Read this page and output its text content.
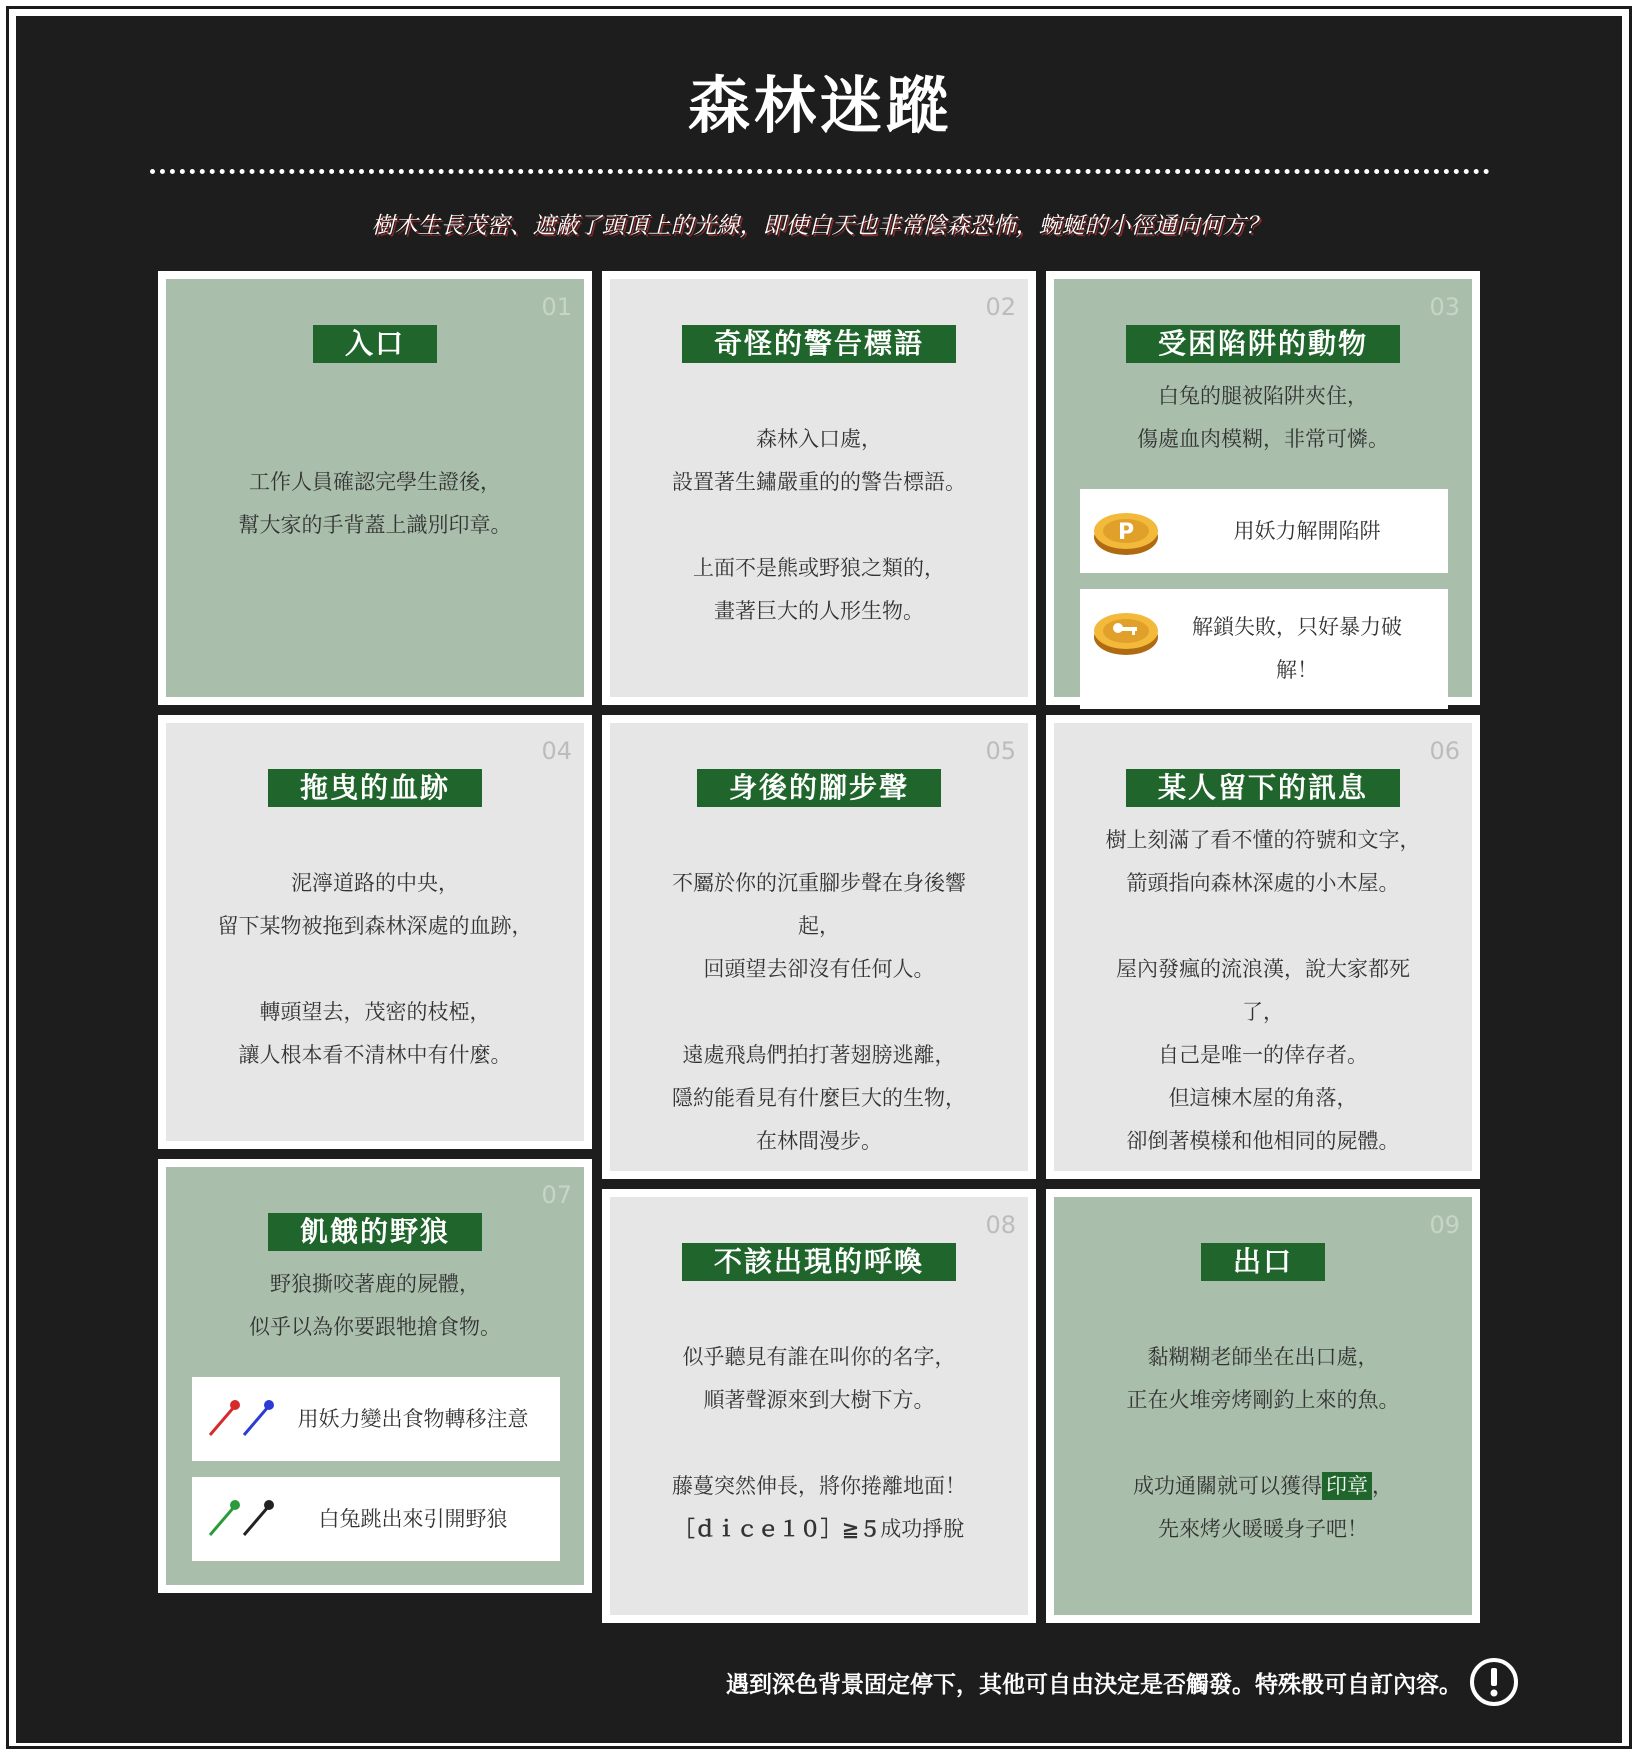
森林迷蹤
樹木生長茂密、遮蔽了頭頂上的光線，即使白天也非常陰森恐怖，蜿蜒的小徑通向何方？
01
入口
工作人員確認完學生證後，
幫大家的手背蓋上識別印章。
02
奇怪的警告標語
森林入口處，
設置著生鏽嚴重的的警告標語。
上面不是熊或野狼之類的，
畫著巨大的人形生物。
03
受困陷阱的動物
白兔的腿被陷阱夾住，
傷處血肉模糊，非常可憐。
P	用妖力解開陷阱
解鎖失敗，只好暴力破
解！
04
拖曳的血跡
泥濘道路的中央，
留下某物被拖到森林深處的血跡，
轉頭望去，茂密的枝椏，
讓人根本看不清林中有什麼。
05
身後的腳步聲
不屬於你的沉重腳步聲在身後響
起，
回頭望去卻沒有任何人。
遠處飛鳥們拍打著翅膀逃離，
隱約能看見有什麼巨大的生物，
在林間漫步。
06
某人留下的訊息
樹上刻滿了看不懂的符號和文字，
箭頭指向森林深處的小木屋。
屋內發瘋的流浪漢，說大家都死
了，
自己是唯一的倖存者。
但這棟木屋的角落，
卻倒著模樣和他相同的屍體。
07
飢餓的野狼
野狼撕咬著鹿的屍體，
似乎以為你要跟牠搶食物。
用妖力變出食物轉移注意
白兔跳出來引開野狼
08
不該出現的呼喚
似乎聽見有誰在叫你的名字，
順著聲源來到大樹下方。
藤蔓突然伸長，將你捲離地面！
［ｄｉｃｅ１０］≧５成功掙脫
09
出口
黏糊糊老師坐在出口處，
正在火堆旁烤剛釣上來的魚。
成功通關就可以獲得 印章 ，
先來烤火暖暖身子吧！
遇到深色背景固定停下，其他可自由決定是否觸發。特殊骰可自訂內容。
